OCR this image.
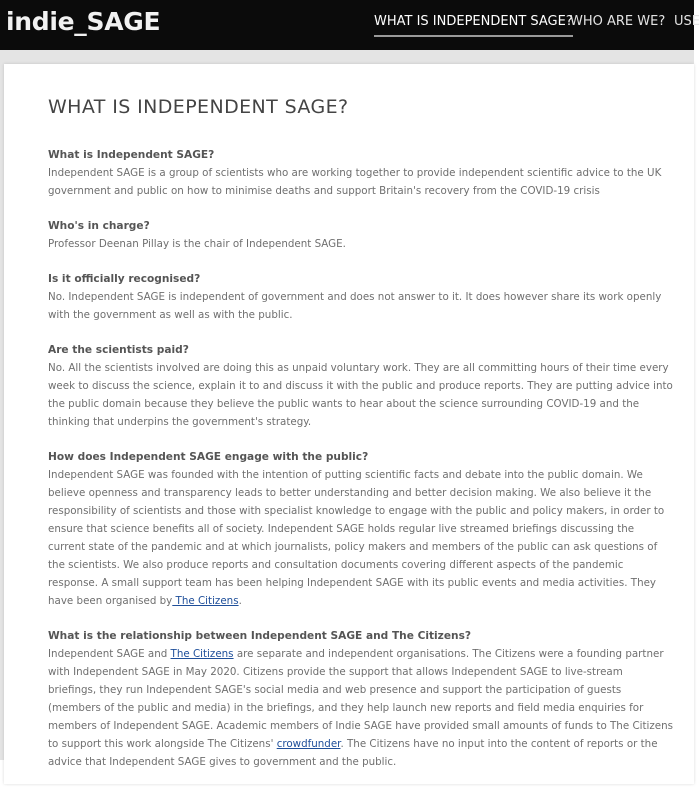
indie_SAGE	WHAT IS INDEPENDENT SAGE?
WHO ARE WE? USE
WHAT IS INDEPENDENT SAGE?
What is Independent SAGE?

Independent SAGE is a group of scientists who are working together to provide independent scientific advice to the UK government and public on how to minimise deaths and support Britain's recovery from the COVID-19 crisis

Who's in charge?

Professor Deenan Pillay is the chair of Independent SAGE.

Is it officially recognised?

No. Independent SAGE is independent of government and does not answer to it. It does however share its work openly with the government as well as with the public.

Are the scientists paid?

No. All the scientists involved are doing this as unpaid voluntary work. They are all committing hours of their time every week to discuss the science, explain it to and discuss it with the public and produce reports. They are putting advice into the public domain because they believe the public wants to hear about the science surrounding COVID-19 and the thinking that underpins the government's strategy.

How does Independent SAGE engage with the public?

Independent SAGE was founded with the intention of putting scientific facts and debate into the public domain. We believe openness and transparency leads to better understanding and better decision making. We also believe it the responsibility of scientists and those with specialist knowledge to engage with the public and policy makers, in order to ensure that science benefits all of society. Independent SAGE holds regular live streamed briefings discussing the current state of the pandemic and at which journalists, policy makers and members of the public can ask questions of the scientists. We also produce reports and consultation documents covering different aspects of the pandemic response. A small support team has been helping Independent SAGE with its public events and media activities. They have been organised by The Citizens.

What is the relationship between Independent SAGE and The Citizens?

Independent SAGE and The Citizens are separate and independent organisations. The Citizens were a founding partner with Independent SAGE in May 2020. Citizens provide the support that allows Independent SAGE to live-stream briefings, they run Independent SAGE's social media and web presence and support the participation of guests (members of the public and media) in the briefings, and they help launch new reports and field media enquiries for members of Independent SAGE. Academic members of Indie SAGE have provided small amounts of funds to The Citizens to support this work alongside The Citizens' crowdfunder. The Citizens have no input into the content of reports or the advice that Independent SAGE gives to government and the public.
